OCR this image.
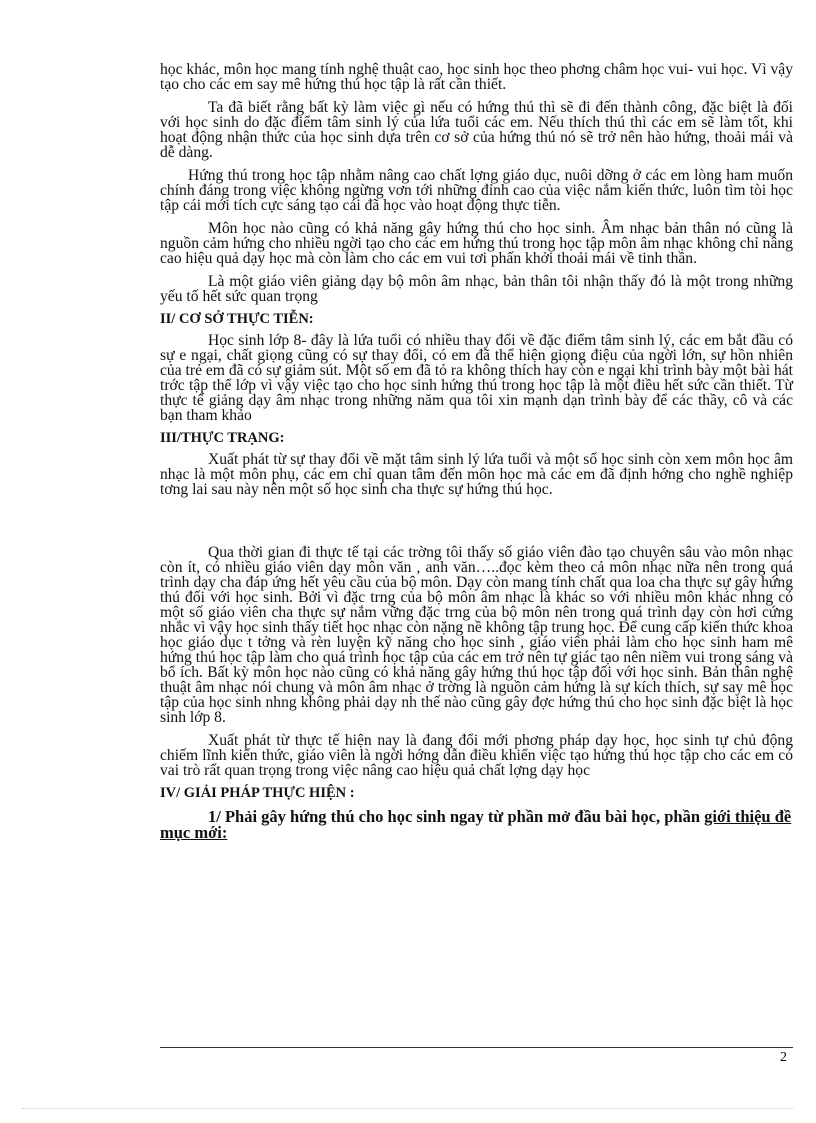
học khác, môn học mang tính nghệ thuật cao, học sinh học theo phơng châm học vui- vui học. Vì vậy tạo cho các em say mê hứng thú học tập là rất cần thiết.

Ta đã biết rằng bất kỳ làm việc gì nếu có hứng thú thì sẽ đi đến thành công, đặc biệt là đối với học sinh do đặc điểm tâm sinh lý của lứa tuổi các em. Nếu thích thú thì các em sẽ làm tốt, khi hoạt động nhận thức của học sinh dựa trên cơ sở của hứng thú nó sẽ trở nên hào hứng, thoải mái và dễ dàng.

Hứng thú trong học tập nhằm nâng cao chất lợng giáo dục, nuôi dỡng ở các em lòng ham muốn chính đáng trong việc không ngừng vơn tới những đỉnh cao của việc nắm kiến thức, luôn tìm tòi học tập cái mới tích cực sáng tạo cái đã học vào hoạt động thực tiễn.

Môn học nào cũng có khả năng gây hứng thú cho học sinh. Âm nhạc bản thân nó cũng là nguồn cảm hứng cho nhiều ngời tạo cho các em hứng thú trong học tập môn âm nhạc không chỉ nâng cao hiệu quả dạy học mà còn làm cho các em vui tơi phấn khởi thoải mái về tinh thần.

Là một giáo viên giảng dạy bộ môn âm nhạc, bản thân tôi nhận thấy đó là một trong những yếu tố hết sức quan trọng

II/ CƠ SỞ THỰC TIỄN:

Học sinh lớp 8- đây là lứa tuổi có nhiều thay đổi về đặc điểm tâm sinh lý, các em bắt đầu có sự e ngại, chất giọng cũng có sự thay đổi, có em đã thể hiện giọng điệu của ngời lớn, sự hồn nhiên của trẻ em đã có sự giảm sút. Một số em đã tỏ ra không thích hay còn e ngại khi trình bày một bài hát trớc tập thể lớp vì vậy việc tạo cho học sinh hứng thú trong học tập là một điều hết sức cần thiết. Từ thực tế giảng dạy âm nhạc trong những năm qua tôi xin mạnh dạn trình bày để các thầy, cô và các bạn tham khảo

III/THỰC TRẠNG:

Xuất phát từ sự thay đổi về mặt tâm sinh lý lứa tuổi và một số học sinh còn xem môn học âm nhạc là một môn phụ, các em chỉ quan tâm đến môn học mà các em đã định hớng cho nghề nghiệp tơng lai sau này nên một số học sinh cha thực sự hứng thú học.

Qua thời gian đi thực tế tại các trờng tôi thấy số giáo viên đào tạo chuyên sâu vào môn nhạc còn ít, có nhiều giáo viên dạy môn văn , anh văn…..đọc kèm theo cả môn nhạc nữa nên trong quá trình dạy cha đáp ứng hết yêu cầu của bộ môn. Dạy còn mang tính chất qua loa cha thực sự gây hứng thú đối với học sinh. Bởi vì đặc trng của bộ môn âm nhạc là khác so với nhiều môn khác nhng có một số giáo viên cha thực sự nắm vững đặc trng của bộ môn nên trong quá trình dạy còn hơi cứng nhắc vì vậy học sinh thấy tiết học nhạc còn nặng nề không tập trung học. Để cung cấp kiến thức khoa học giáo dục t tởng và rèn luyện kỹ năng cho học sinh , giáo viên phải làm cho học sinh ham mê hứng thú học tập làm cho quá trình học tập của các em trở nên tự giác tạo nên niềm vui trong sáng và bổ ích. Bất kỳ môn học nào cũng có khả năng gây hứng thú học tập đối với học sinh. Bản thân nghệ thuật âm nhạc nói chung và môn âm nhạc ở trờng là nguồn cảm hứng là sự kích thích, sự say mê học tập của học sinh nhng không phải dạy nh thế nào cũng gây đợc hứng thú cho học sinh đặc biệt là học sinh lớp 8.

Xuất phát từ thực tế hiện nay là đang đổi mới phơng pháp dạy học, học sinh tự chủ động chiếm lĩnh kiến thức, giáo viên là ngời hớng dẫn điều khiển việc tạo hứng thú học tập cho các em có vai trò rất quan trọng trong việc nâng cao hiệu quả chất lợng dạy học

IV/ GIẢI PHÁP THỰC HIỆN :
1/ Phải gây hứng thú cho học sinh ngay từ phần mở đầu bài học, phần giới thiệu đề mục mới:
2
